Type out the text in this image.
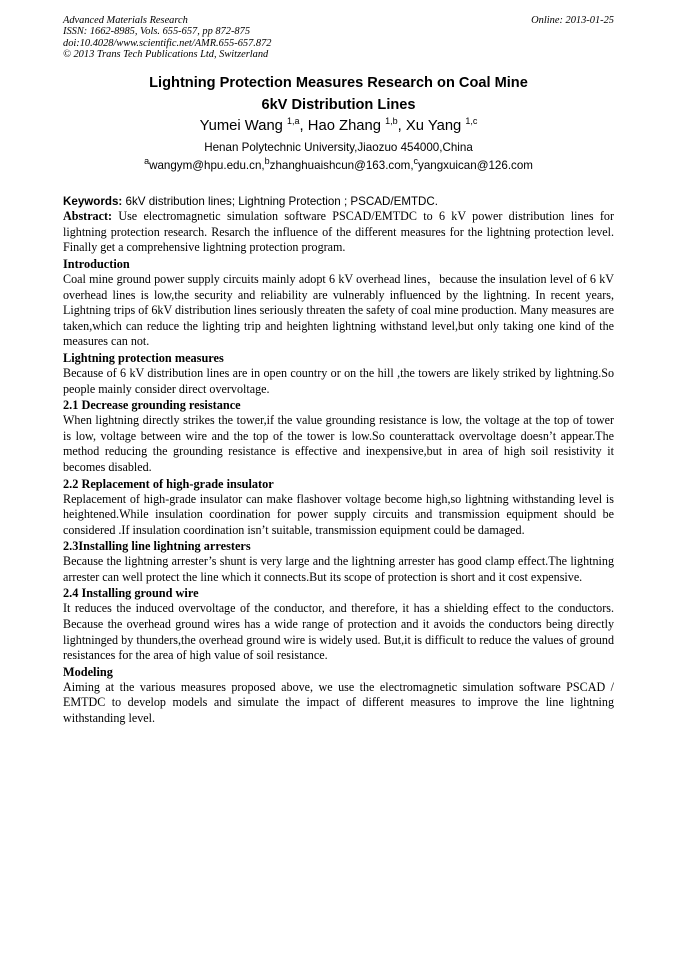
Advanced Materials Research	Online: 2013-01-25
ISSN: 1662-8985, Vols. 655-657, pp 872-875
doi:10.4028/www.scientific.net/AMR.655-657.872
© 2013 Trans Tech Publications Ltd, Switzerland
Lightning Protection Measures Research on Coal Mine
6kV Distribution Lines
Yumei Wang $^{1,a}$, Hao Zhang $^{1,b}$, Xu Yang $^{1,c}$
Henan Polytechnic University,Jiaozuo 454000,China
$^a$wangym@hpu.edu.cn,$^b$zhanghuaishcun@163.com,$^c$yangxuican@126.com
Keywords: 6kV distribution lines; Lightning Protection ; PSCAD/EMTDC.

Abstract: Use electromagnetic simulation software PSCAD/EMTDC to 6 kV power distribution lines for lightning protection research. Resarch the influence of the different measures for the lightning protection level. Finally get a comprehensive lightning protection program.

Introduction

Coal mine ground power supply circuits mainly adopt 6 kV overhead lines，because the insulation level of 6 kV overhead lines is low,the security and reliability are vulnerably influenced by the lightning. In recent years, Lightning trips of 6kV distribution lines seriously threaten the safety of coal mine production. Many measures are taken,which can reduce the lighting trip and heighten lightning withstand level,but only taking one kind of the measures can not.

Lightning protection measures

Because of 6 kV distribution lines are in open country or on the hill ,the towers are likely striked by lightning.So people mainly consider direct overvoltage.

2.1 Decrease grounding resistance

When lightning directly strikes the tower,if the value grounding resistance is low, the voltage at the top of tower is low, voltage between wire and the top of the tower is low.So counterattack overvoltage doesn’t appear.The method reducing the grounding resistance is effective and inexpensive,but in area of high soil resistivity it becomes disabled.

2.2 Replacement of high-grade insulator

Replacement of high-grade insulator can make flashover voltage become high,so lightning withstanding level is heightened.While insulation coordination for power supply circuits and transmission equipment should be considered .If insulation coordination isn’t suitable, transmission equipment could be damaged.

2.3Installing line lightning arresters

Because the lightning arrester’s shunt is very large and the lightning arrester has good clamp effect.The lightning arrester can well protect the line which it connects.But its scope of protection is short and it cost expensive.

2.4 Installing ground wire

It reduces the induced overvoltage of the conductor, and therefore, it has a shielding effect to the conductors. Because the overhead ground wires has a wide range of protection and it avoids the conductors being directly lightninged by thunders,the overhead ground wire is widely used. But,it is difficult to reduce the values of ground resistances for the area of high value of soil resistance.

Modeling

Aiming at the various measures proposed above, we use the electromagnetic simulation software PSCAD / EMTDC to develop models and simulate the impact of different measures to improve the line lightning withstanding level.
